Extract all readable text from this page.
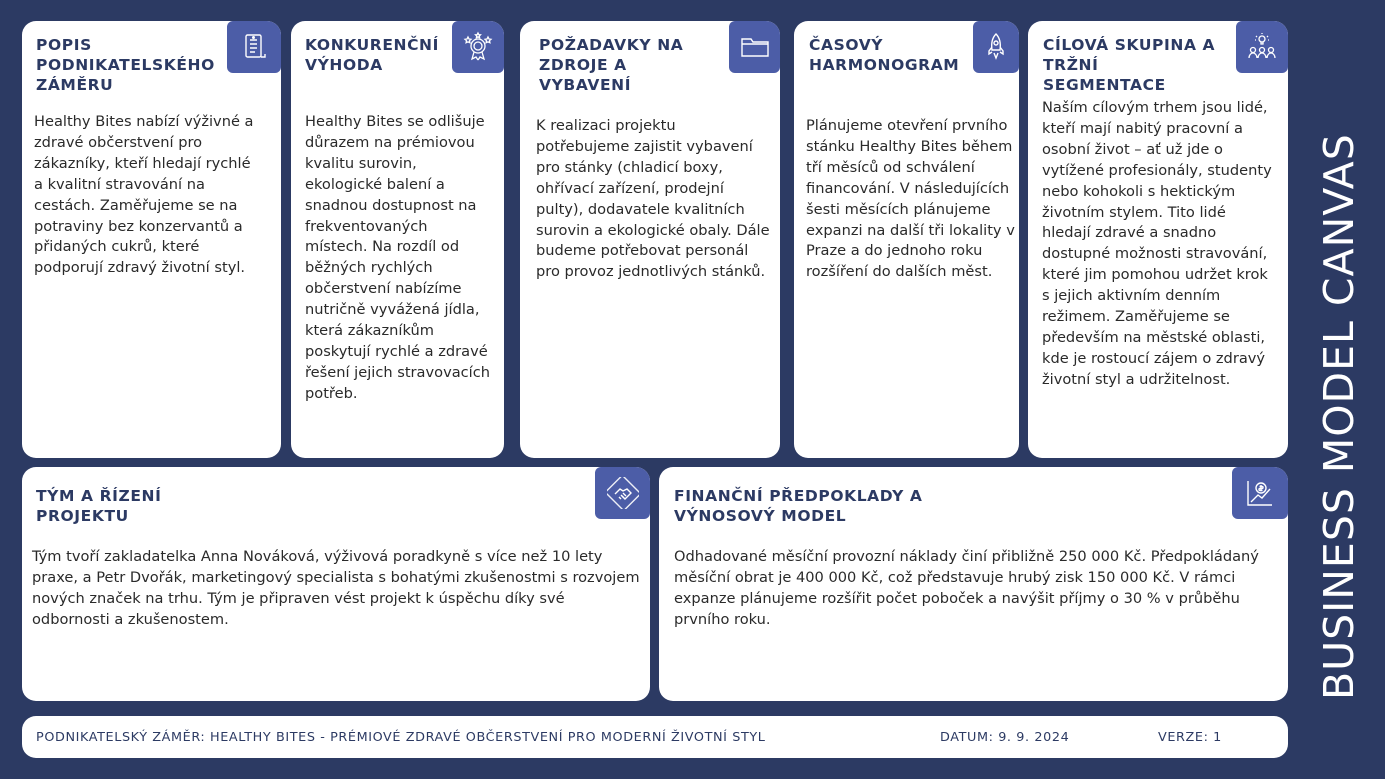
POPIS PODNIKATELSKÉHO ZÁMĚRU

Healthy Bites nabízí výživné a zdravé občerstvení pro zákazníky, kteří hledají rychlé a kvalitní stravování na cestách. Zaměřujeme se na potraviny bez konzervantů a přidaných cukrů, které podporují zdravý životní styl.

KONKURENČNÍ VÝHODA

Healthy Bites se odlišuje důrazem na prémiovou kvalitu surovin, ekologické balení a snadnou dostupnost na frekventovaných místech. Na rozdíl od běžných rychlých občerstvení nabízíme nutričně vyvážená jídla, která zákazníkům poskytují rychlé a zdravé řešení jejich stravovacích potřeb.

POŽADAVKY NA ZDROJE A VYBAVENÍ

K realizaci projektu potřebujeme zajistit vybavení pro stánky (chladicí boxy, ohřívací zařízení, prodejní pulty), dodavatele kvalitních surovin a ekologické obaly. Dále budeme potřebovat personál pro provoz jednotlivých stánků.

ČASOVÝ HARMONOGRAM

Plánujeme otevření prvního stánku Healthy Bites během tří měsíců od schválení financování. V následujících šesti měsících plánujeme expanzi na další tři lokality v Praze a do jednoho roku rozšíření do dalších měst.

CÍLOVÁ SKUPINA A TRŽNÍ SEGMENTACE

Naším cílovým trhem jsou lidé, kteří mají nabitý pracovní a osobní život – ať už jde o vytížené profesionály, studenty nebo kohokoli s hektickým životním stylem. Tito lidé hledají zdravé a snadno dostupné možnosti stravování, které jim pomohou udržet krok s jejich aktivním denním režimem. Zaměřujeme se především na městské oblasti, kde je rostoucí zájem o zdravý životní styl a udržitelnost.

TÝM A ŘÍZENÍ PROJEKTU

Tým tvoří zakladatelka Anna Nováková, výživová poradkyně s více než 10 lety praxe, a Petr Dvořák, marketingový specialista s bohatými zkušenostmi s rozvojem nových značek na trhu. Tým je připraven vést projekt k úspěchu díky své odbornosti a zkušenostem.

FINANČNÍ PŘEDPOKLADY A VÝNOSOVÝ MODEL

Odhadované měsíční provozní náklady činí přibližně 250 000 Kč. Předpokládaný měsíční obrat je 400 000 Kč, což představuje hrubý zisk 150 000 Kč. V rámci expanze plánujeme rozšířit počet poboček a navýšit příjmy o 30 % v průběhu prvního roku.

PODNIKATELSKÝ ZÁMĚR: HEALTHY BITES - PRÉMIOVÉ ZDRAVÉ OBČERSTVENÍ PRO MODERNÍ ŽIVOTNÍ STYL	DATUM: 9. 9. 2024	VERZE: 1
BUSINESS MODEL CANVAS
